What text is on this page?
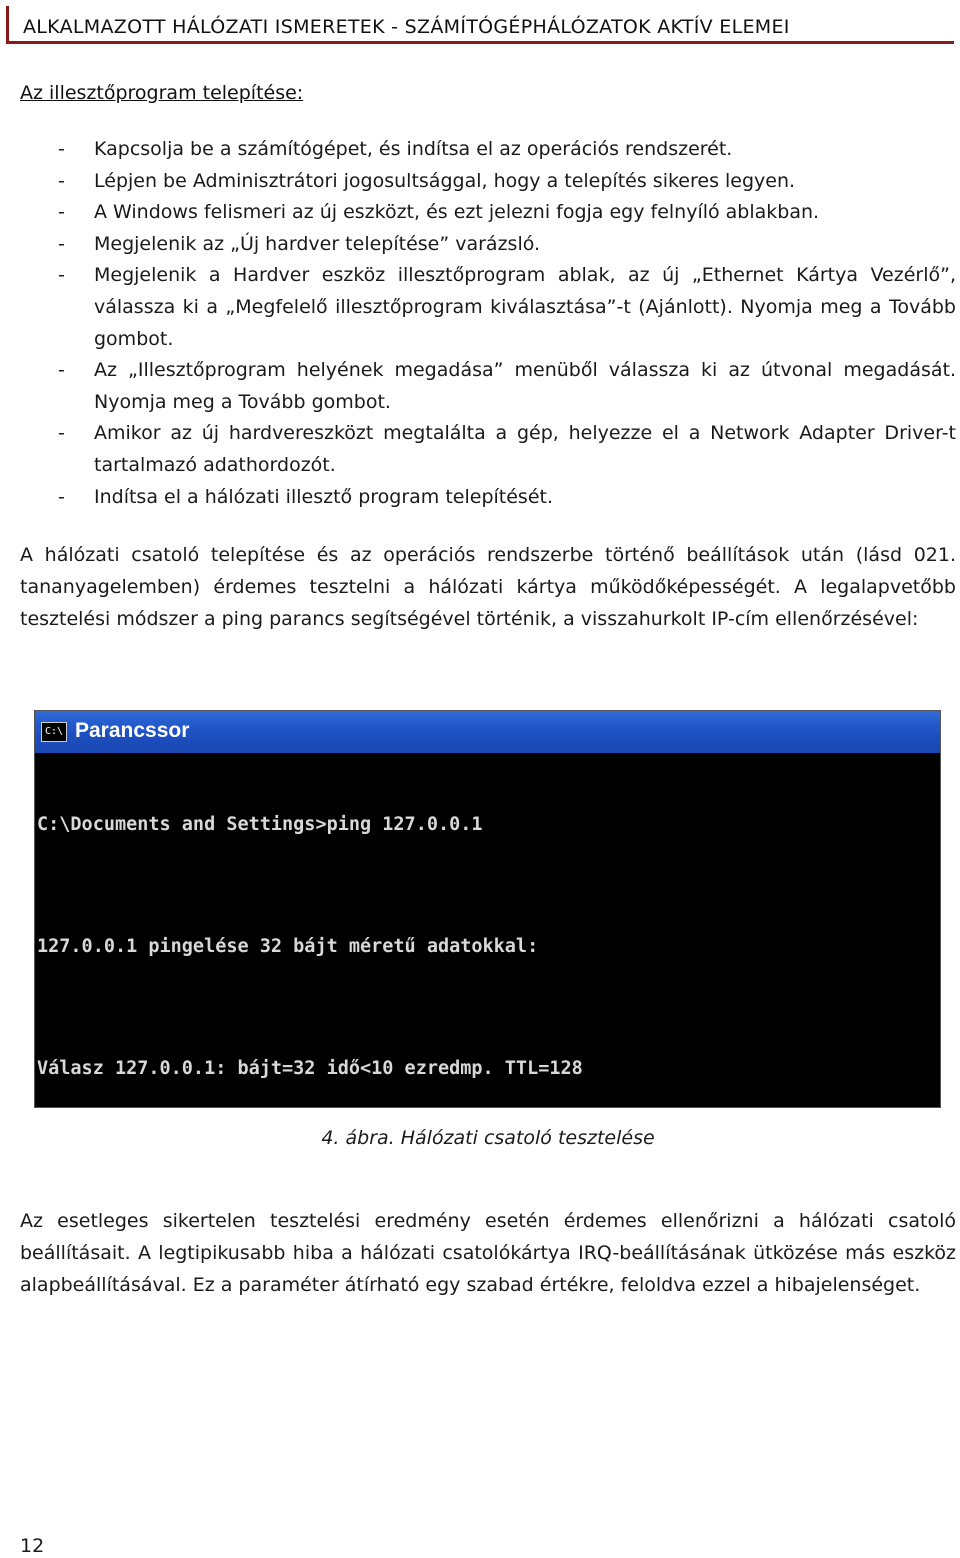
ALKALMAZOTT HÁLÓZATI ISMERETEK - SZÁMÍTÓGÉPHÁLÓZATOK AKTÍV ELEMEI
Az illesztőprogram telepítése:
- Kapcsolja be a számítógépet, és indítsa el az operációs rendszerét.
- Lépjen be Adminisztrátori jogosultsággal, hogy a telepítés sikeres legyen.
- A Windows felismeri az új eszközt, és ezt jelezni fogja egy felnyíló ablakban.
- Megjelenik az „Új hardver telepítése” varázsló.
- Megjelenik a Hardver eszköz illesztőprogram ablak, az új „Ethernet Kártya Vezérlő”, válassza ki a „Megfelelő illesztőprogram kiválasztása”-t (Ajánlott). Nyomja meg a Tovább gombot.
- Az „Illesztőprogram helyének megadása” menüből válassza ki az útvonal megadását. Nyomja meg a Tovább gombot.
- Amikor az új hardvereszközt megtalálta a gép, helyezze el a Network Adapter Driver-t tartalmazó adathordozót.
- Indítsa el a hálózati illesztő program telepítését.

A hálózati csatoló telepítése és az operációs rendszerbe történő beállítások után (lásd 021. tananyagelemben) érdemes tesztelni a hálózati kártya működőképességét. A legalapvetőbb tesztelési módszer a ping parancs segítségével történik, a visszahurkolt IP-cím ellenőrzésével:

C:\ Parancssor

C:\Documents and Settings>ping 127.0.0.1

127.0.0.1 pingelése 32 bájt méretű adatokkal:

Válasz 127.0.0.1: bájt=32 idő<10 ezredmp. TTL=128

4. ábra. Hálózati csatoló tesztelése

Az esetleges sikertelen tesztelési eredmény esetén érdemes ellenőrizni a hálózati csatoló beállításait. A legtipikusabb hiba a hálózati csatolókártya IRQ-beállításának ütközése más eszköz alapbeállításával. Ez a paraméter átírható egy szabad értékre, feloldva ezzel a hibajelenséget.

12
